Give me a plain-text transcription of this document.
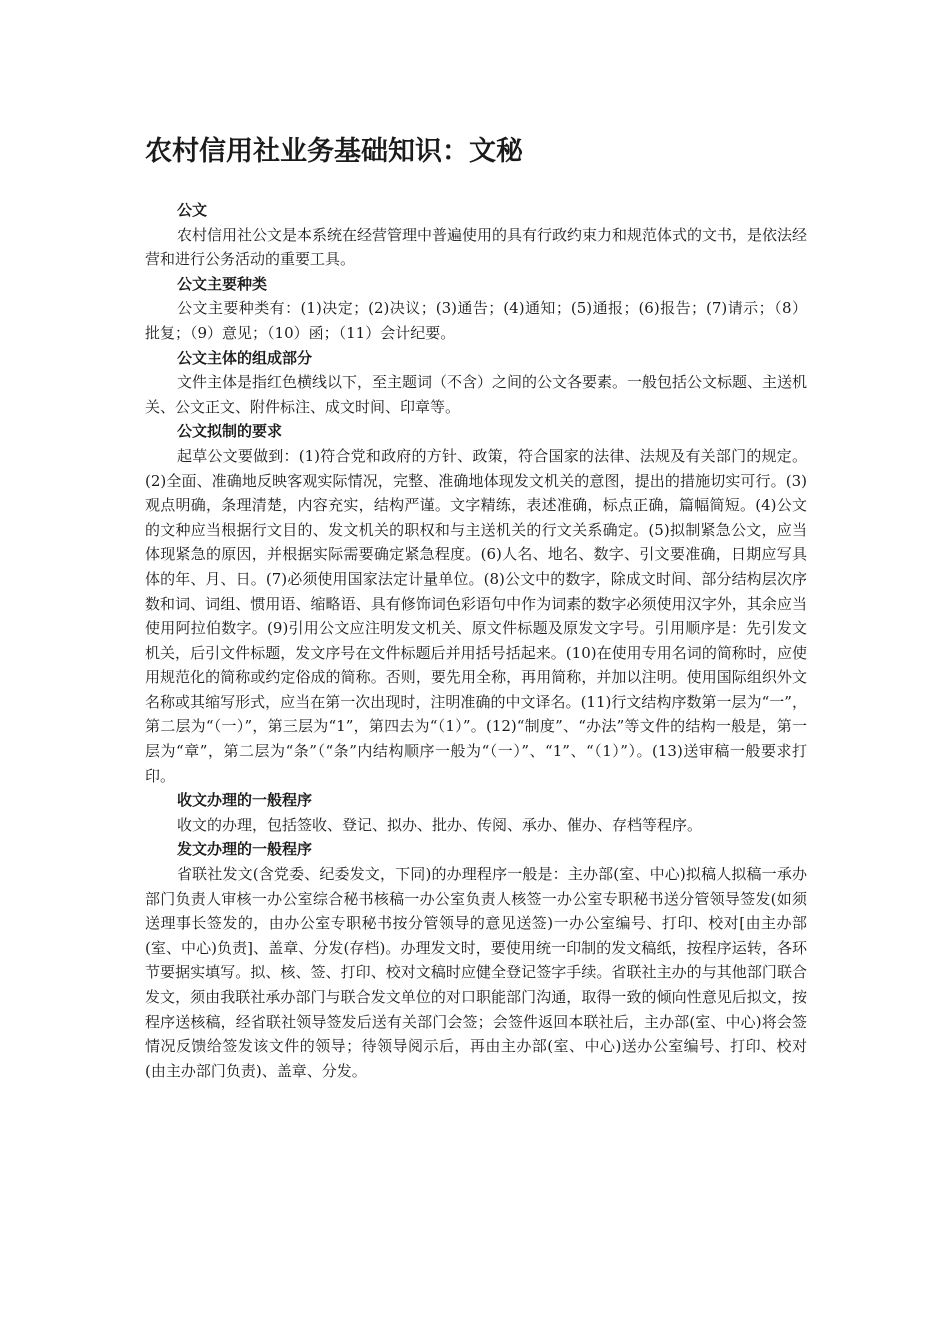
农村信用社业务基础知识：文秘
公文

农村信用社公文是本系统在经营管理中普遍使用的具有行政约束力和规范体式的文书，是依法经营和进行公务活动的重要工具。

公文主要种类

公文主要种类有：(1)决定；(2)决议；(3)通告；(4)通知；(5)通报；(6)报告；(7)请示；（8）批复；（9）意见；（10）函；（11）会计纪要。

公文主体的组成部分

文件主体是指红色横线以下，至主题词（不含）之间的公文各要素。一般包括公文标题、主送机关、公文正文、附件标注、成文时间、印章等。

公文拟制的要求

起草公文要做到：(1)符合党和政府的方针、政策，符合国家的法律、法规及有关部门的规定。(2)全面、准确地反映客观实际情况，完整、准确地体现发文机关的意图，提出的措施切实可行。(3)观点明确，条理清楚，内容充实，结构严谨。文字精练，表述准确，标点正确，篇幅简短。(4)公文的文种应当根据行文目的、发文机关的职权和与主送机关的行文关系确定。(5)拟制紧急公文，应当体现紧急的原因，并根据实际需要确定紧急程度。(6)人名、地名、数字、引文要准确，日期应写具体的年、月、日。(7)必须使用国家法定计量单位。(8)公文中的数字，除成文时间、部分结构层次序数和词、词组、惯用语、缩略语、具有修饰词色彩语句中作为词素的数字必须使用汉字外，其余应当使用阿拉伯数字。(9)引用公文应注明发文机关、原文件标题及原发文字号。引用顺序是：先引发文机关，后引文件标题，发文序号在文件标题后并用括号括起来。(10)在使用专用名词的简称时，应使用规范化的简称或约定俗成的简称。否则，要先用全称，再用简称，并加以注明。使用国际组织外文名称或其缩写形式，应当在第一次出现时，注明准确的中文译名。(11)行文结构序数第一层为“一”，第二层为“（一）”，第三层为“1”，第四去为“（1）”。(12)“制度”、“办法”等文件的结构一般是，第一层为“章”，第二层为“条”（“条”内结构顺序一般为“（一）”、“1”、“（1）”）。(13)送审稿一般要求打印。

收文办理的一般程序

收文的办理，包括签收、登记、拟办、批办、传阅、承办、催办、存档等程序。

发文办理的一般程序

省联社发文(含党委、纪委发文，下同)的办理程序一般是：主办部(室、中心)拟稿人拟稿一承办部门负责人审核一办公室综合秘书核稿一办公室负责人核签一办公室专职秘书送分管领导签发(如须送理事长签发的，由办公室专职秘书按分管领导的意见送签)一办公室编号、打印、校对[由主办部(室、中心)负责]、盖章、分发(存档)。办理发文时，要使用统一印制的发文稿纸，按程序运转，各环节要据实填写。拟、核、签、打印、校对文稿时应健全登记签字手续。省联社主办的与其他部门联合发文，须由我联社承办部门与联合发文单位的对口职能部门沟通，取得一致的倾向性意见后拟文，按程序送核稿，经省联社领导签发后送有关部门会签；会签件返回本联社后，主办部(室、中心)将会签情况反馈给签发该文件的领导；待领导阅示后，再由主办部(室、中心)送办公室编号、打印、校对(由主办部门负责)、盖章、分发。
